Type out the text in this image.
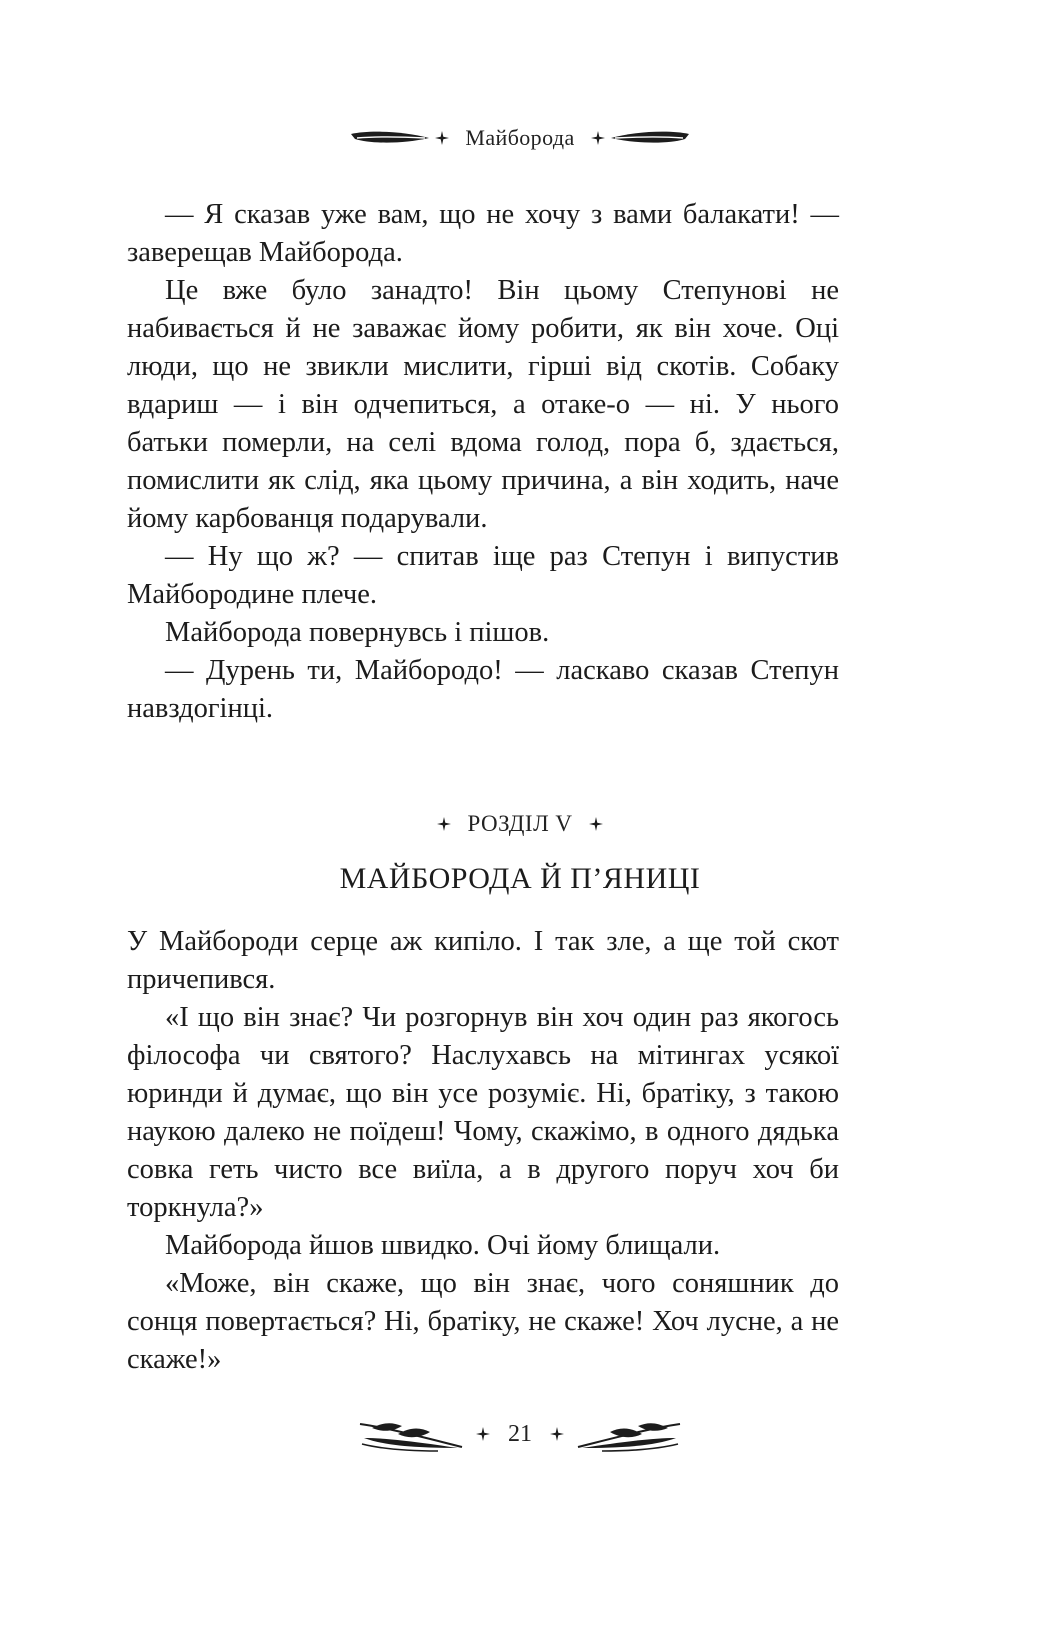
Майборода

— Я сказав уже вам, що не хочу з вами балакати! — заверещав Майборода.

Це вже було занадто! Він цьому Степунові не набивається й не заважає йому робити, як він хоче. Оці люди, що не звикли мислити, гірші від скотів. Собаку вдариш — і він одчепиться, а отаке-о — ні. У нього батьки померли, на селі вдома голод, пора б, здається, помислити як слід, яка цьому причина, а він ходить, наче йому карбованця подарували.

— Ну що ж? — спитав іще раз Степун і випустив Майбородине плече.

Майборода повернувсь і пішов.

— Дурень ти, Майбородо! — ласкаво сказав Степун навздогінці.

РОЗДІЛ V
МАЙБОРОДА Й П’ЯНИЦІ

У Майбороди серце аж кипіло. І так зле, а ще той скот причепився.

«І що він знає? Чи розгорнув він хоч один раз якогось філософа чи святого? Наслухавсь на мітингах усякої юринди й думає, що він усе розуміє. Ні, братіку, з такою наукою далеко не поїдеш! Чому, скажімо, в одного дядька совка геть чисто все виїла, а в другого поруч хоч би торкнула?»

Майборода йшов швидко. Очі йому блищали.

«Може, він скаже, що він знає, чого соняшник до сонця повертається? Ні, братіку, не скаже! Хоч лусне, а не скаже!»

21
